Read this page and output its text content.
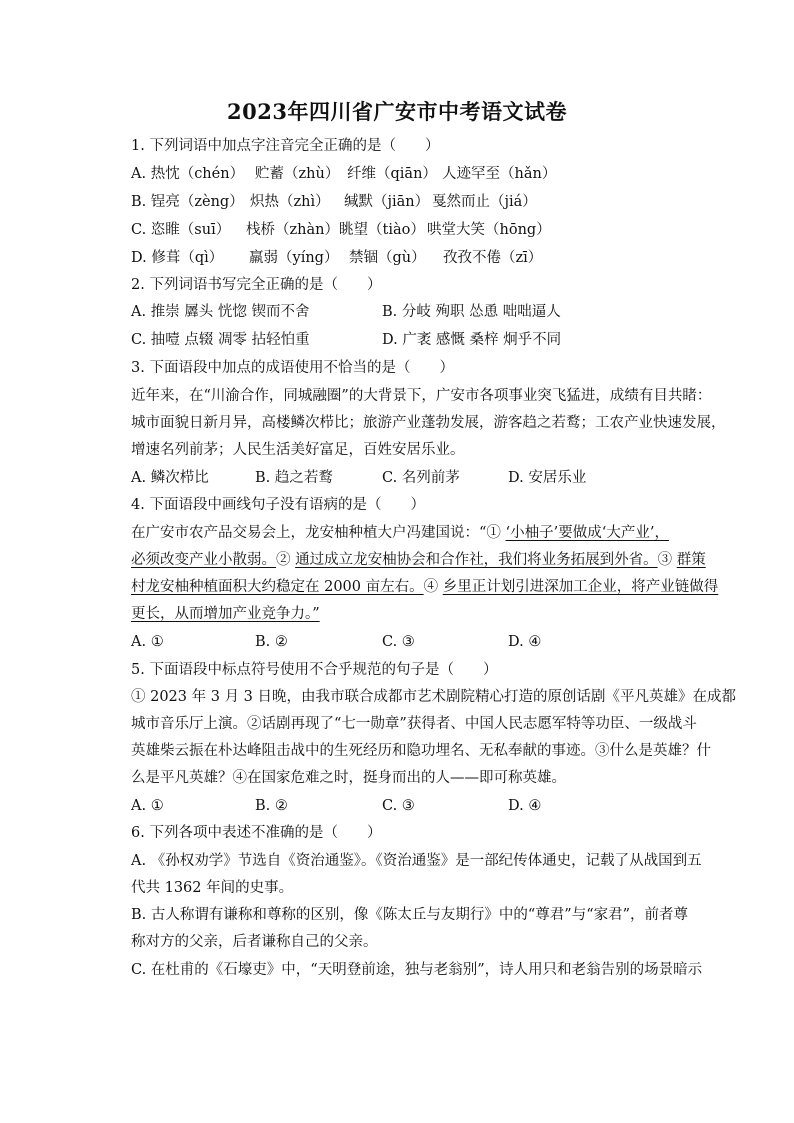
2023年四川省广安市中考语文试卷
1. 下列词语中加点字注音完全正确的是（　　）
A. 热忱（chén） 贮蓄（zhù） 纤维（qiān） 人迹罕至（hǎn）
B. 锃亮（zèng） 炽热（zhì） 缄默（jiān） 戛然而止（jiá）
C. 恣睢（suī） 栈桥（zhàn） 眺望（tiào） 哄堂大笑（hōng）
D. 修葺（qì） 羸弱（yíng） 禁锢（gù） 孜孜不倦（zī）
2. 下列词语书写完全正确的是（　　）
A. 推崇 羼头 恍惚 锲而不舍	B. 分岐 殉职 怂恿 咄咄逼人
C. 抽噎 点辍 凋零 拈轻怕重	D. 广袤 感慨 桑梓 炯乎不同
3. 下面语段中加点的成语使用不恰当的是（　　）
近年来，在“川渝合作，同城融圈”的大背景下，广安市各项事业突飞猛进，成绩有目共睹：
城市面貌日新月异，高楼鳞次栉比；旅游产业蓬勃发展，游客趋之若鹜；工农产业快速发展，
增速名列前茅；人民生活美好富足，百姓安居乐业。
A. 鳞次栉比	B. 趋之若鹜	C. 名列前茅	D. 安居乐业
4. 下面语段中画线句子没有语病的是（　　）
在广安市农产品交易会上，龙安柚种植大户冯建国说：“① ‘小柚子’要做成‘大产业’，
必须改变产业小散弱。② 通过成立龙安柚协会和合作社，我们将业务拓展到外省。③ 群策
村龙安柚种植面积大约稳定在 2000 亩左右。④ 乡里正计划引进深加工企业，将产业链做得
更长，从而增加产业竞争力。”
A. ①	B. ②	C. ③	D. ④
5. 下面语段中标点符号使用不合乎规范的句子是（　　）
① 2023 年 3 月 3 日晚，由我市联合成都市艺术剧院精心打造的原创话剧《平凡英雄》在成都
城市音乐厅上演。②话剧再现了“七一勋章”获得者、中国人民志愿军特等功臣、一级战斗
英雄柴云振在朴达峰阻击战中的生死经历和隐功埋名、无私奉献的事迹。③什么是英雄？什
么是平凡英雄？④在国家危难之时，挺身而出的人——即可称英雄。
A. ①	B. ②	C. ③	D. ④
6. 下列各项中表述不准确的是（　　）
A. 《孙权劝学》节选自《资治通鉴》。《资治通鉴》是一部纪传体通史，记载了从战国到五
代共 1362 年间的史事。
B. 古人称谓有谦称和尊称的区别，像《陈太丘与友期行》中的“尊君”与“家君”，前者尊
称对方的父亲，后者谦称自己的父亲。
C. 在杜甫的《石壕吏》中，“天明登前途，独与老翁别”，诗人用只和老翁告别的场景暗示
